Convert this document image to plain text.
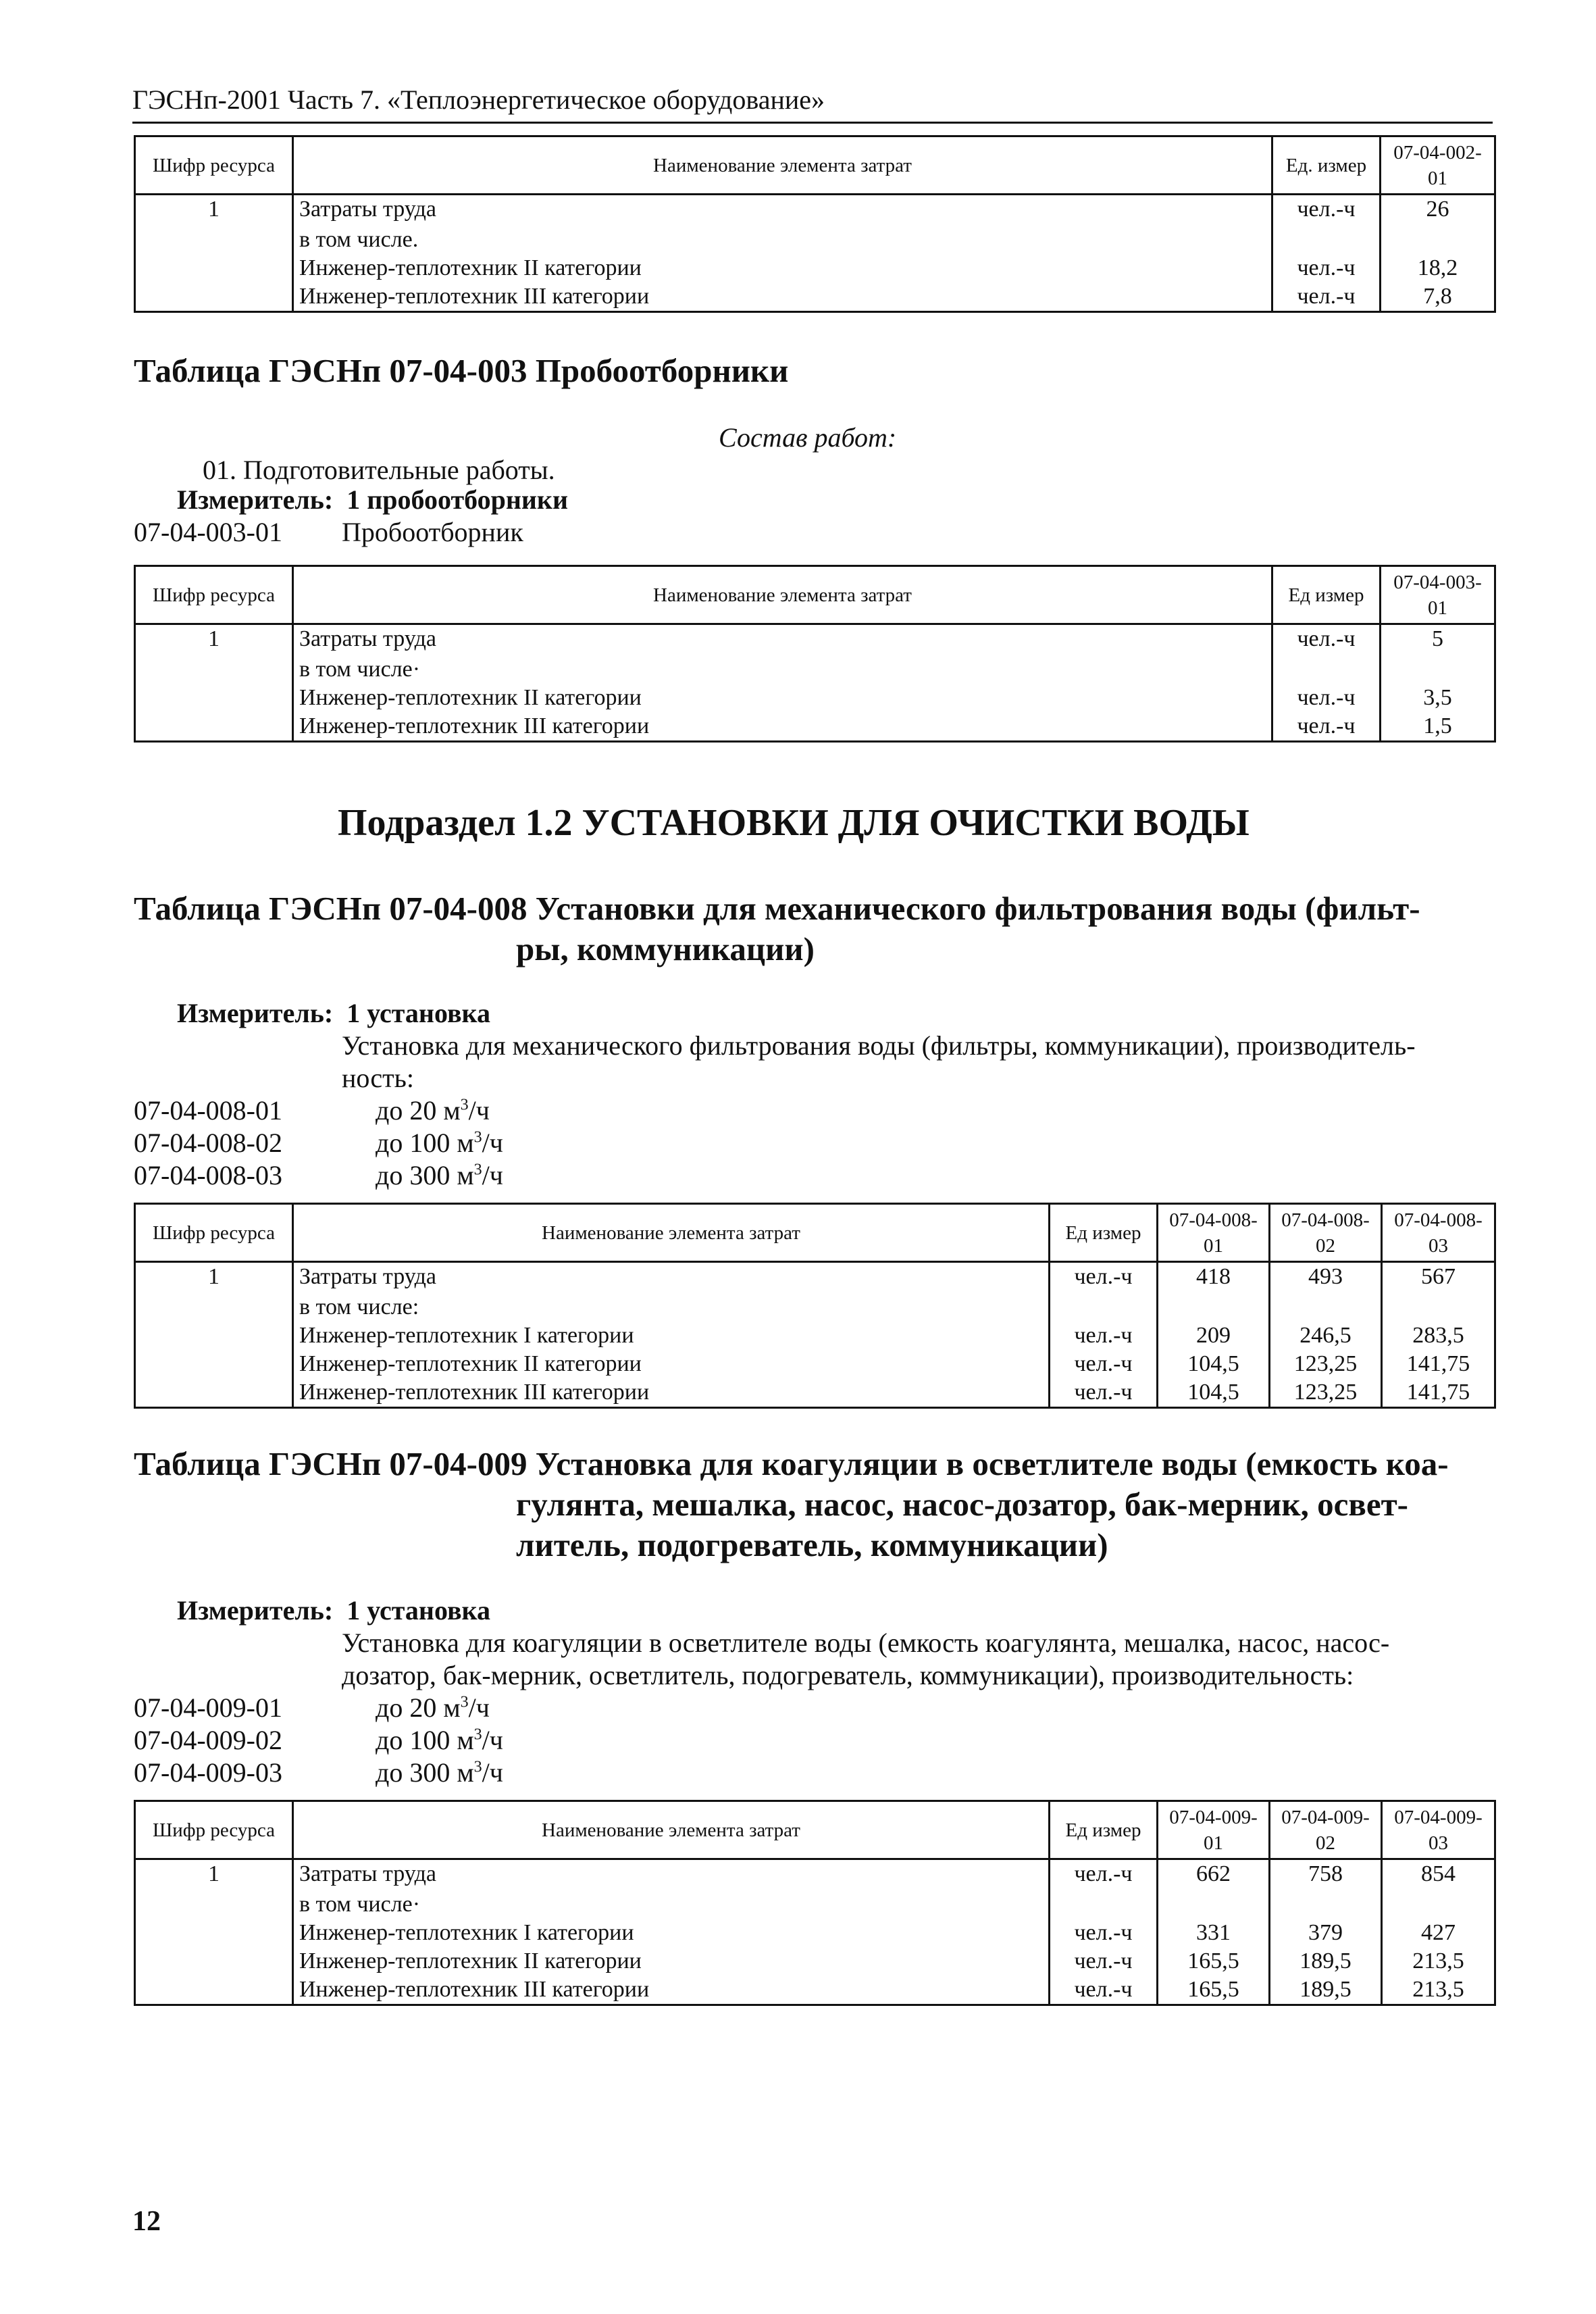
ГЭСНп-2001 Часть 7. «Теплоэнергетическое оборудование»
Шифр ресурса	Наименование элемента затрат	Ед. измер	07-04-002-01
1	Затраты труда	чел.-ч	26
	в том числе.		
	Инженер-теплотехник II категории	чел.-ч	18,2
	Инженер-теплотехник III категории	чел.-ч	7,8
Таблица ГЭСНп 07-04-003 Пробоотборники
Состав работ:
01. Подготовительные работы.
Измеритель: 1 пробоотборники
07-04-003-01 Пробоотборник
Шифр ресурса	Наименование элемента затрат	Ед измер	07-04-003-01
1	Затраты труда	чел.-ч	5
	в том числе·		
	Инженер-теплотехник II категории	чел.-ч	3,5
	Инженер-теплотехник III категории	чел.-ч	1,5
Подраздел 1.2 УСТАНОВКИ ДЛЯ ОЧИСТКИ ВОДЫ
Таблица ГЭСНп 07-04-008 Установки для механического фильтрования воды (фильт-
ры, коммуникации)
Измеритель: 1 установка
Установка для механического фильтрования воды (фильтры, коммуникации), производитель-
ность:
07-04-008-01	до 20 $м^3/ч$
07-04-008-02	до 100 $м^3/ч$
07-04-008-03	до 300 $м^3/ч$
Шифр ресурса	Наименование элемента затрат	Ед измер	07-04-008-01	07-04-008-02	07-04-008-03
1	Затраты труда	чел.-ч	418	493	567
	в том числе:				
	Инженер-теплотехник I категории	чел.-ч	209	246,5	283,5
	Инженер-теплотехник II категории	чел.-ч	104,5	123,25	141,75
	Инженер-теплотехник III категории	чел.-ч	104,5	123,25	141,75
Таблица ГЭСНп 07-04-009 Установка для коагуляции в осветлителе воды (емкость коа-
гулянта, мешалка, насос, насос-дозатор, бак-мерник, освет-
литель, подогреватель, коммуникации)
Измеритель: 1 установка
Установка для коагуляции в осветлителе воды (емкость коагулянта, мешалка, насос, насос-
дозатор, бак-мерник, осветлитель, подогреватель, коммуникации), производительность:
07-04-009-01	до 20 $м^3/ч$
07-04-009-02	до 100 $м^3/ч$
07-04-009-03	до 300 $м^3/ч$
Шифр ресурса	Наименование элемента затрат	Ед измер	07-04-009-01	07-04-009-02	07-04-009-03
1	Затраты труда	чел.-ч	662	758	854
	в том числе·				
	Инженер-теплотехник I категории	чел.-ч	331	379	427
	Инженер-теплотехник II категории	чел.-ч	165,5	189,5	213,5
	Инженер-теплотехник III категории	чел.-ч	165,5	189,5	213,5
12
